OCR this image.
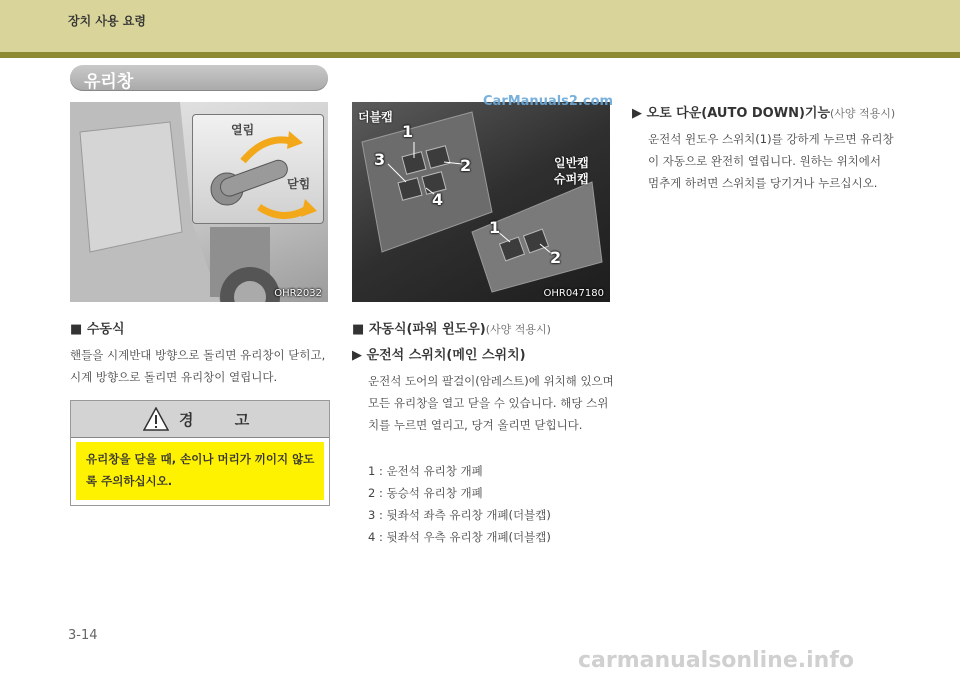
장치 사용 요령
유리창
열림
닫힘
OHR2032
더블캡
일반캡
슈퍼캡
1
2
3
4
1
2
OHR047180
CarManuals2.com
■ 수동식
핸들을 시계반대 방향으로 돌리면 유리창이 닫히고, 시계 방향으로 돌리면 유리창이 열립니다.
경 고

유리창을 닫을 때, 손이나 머리가 끼이지 않도록 주의하십시오.

■ 자동식(파워 윈도우)(사양 적용시)
▶ 운전석 스위치(메인 스위치)
운전석 도어의 팔걸이(암레스트)에 위치해 있으며 모든 유리창을 열고 닫을 수 있습니다. 해당 스위치를 누르면 열리고, 당겨 올리면 닫힙니다.
1 : 운전석 유리창 개폐
2 : 동승석 유리창 개폐
3 : 뒷좌석 좌측 유리창 개폐(더블캡)
4 : 뒷좌석 우측 유리창 개폐(더블캡)
▶ 오토 다운(AUTO DOWN)기능(사양 적용시)
운전석 윈도우 스위치(1)를 강하게 누르면 유리창이 자동으로 완전히 열립니다. 원하는 위치에서 멈추게 하려면 스위치를 당기거나 누르십시오.
3-14
carmanualsonline.info
